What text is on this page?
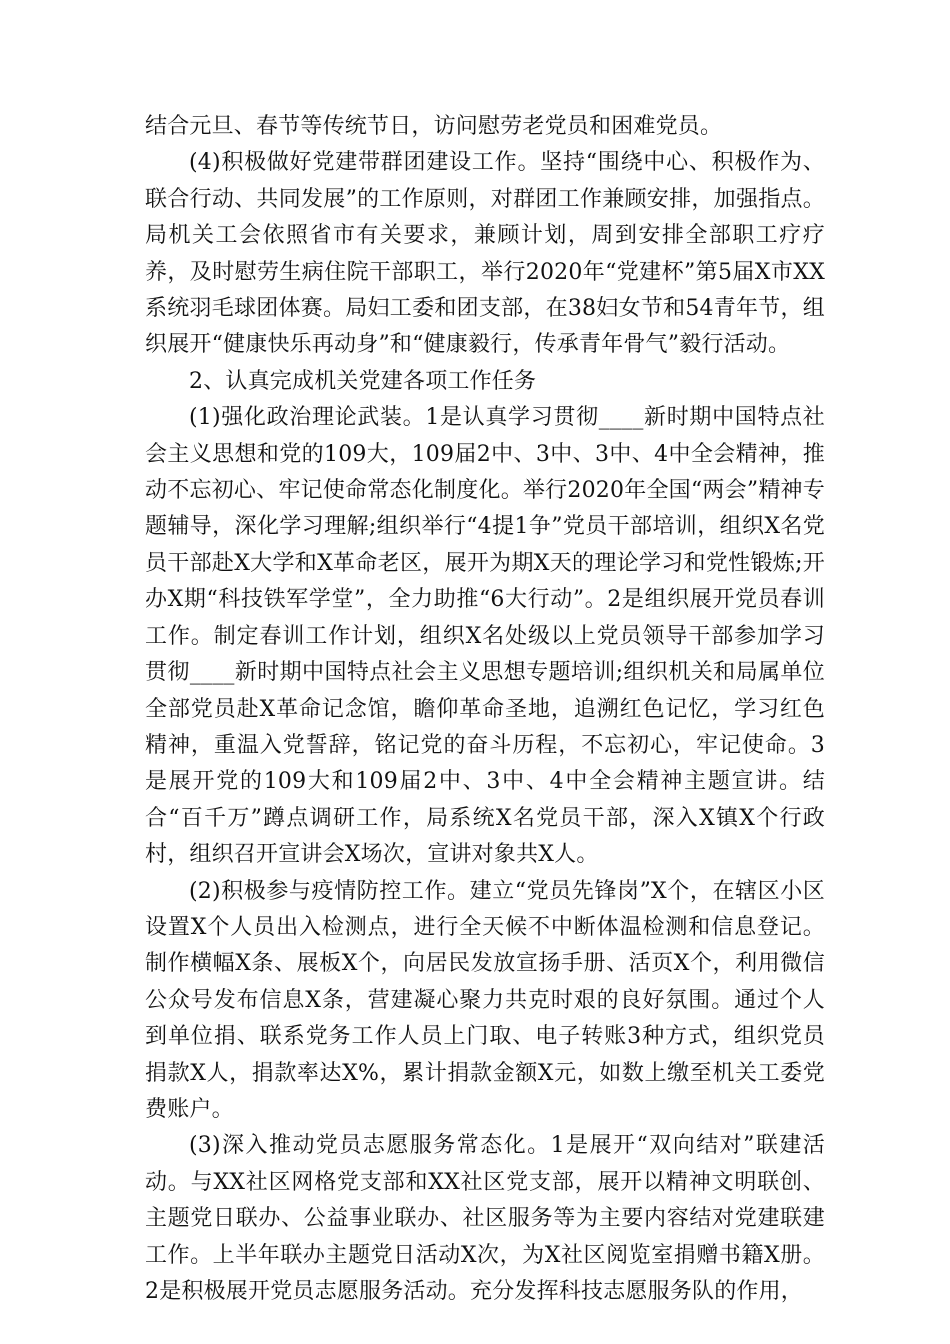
结合元旦、春节等传统节日，访问慰劳老党员和困难党员。

(4)积极做好党建带群团建设工作。坚持“围绕中心、积极作为、联合行动、共同发展”的工作原则，对群团工作兼顾安排，加强指点。局机关工会依照省市有关要求，兼顾计划，周到安排全部职工疗疗养，及时慰劳生病住院干部职工，举行2020年“党建杯”第5届X市XX系统羽毛球团体赛。局妇工委和团支部，在38妇女节和54青年节，组织展开“健康快乐再动身”和“健康毅行，传承青年骨气”毅行活动。

2、认真完成机关党建各项工作任务

(1)强化政治理论武装。1是认真学习贯彻____新时期中国特点社会主义思想和党的109大，109届2中、3中、3中、4中全会精神，推动不忘初心、牢记使命常态化制度化。举行2020年全国“两会”精神专题辅导，深化学习理解;组织举行“4提1争”党员干部培训，组织X名党员干部赴X大学和X革命老区，展开为期X天的理论学习和党性锻炼;开办X期“科技铁军学堂”，全力助推“6大行动”。2是组织展开党员春训工作。制定春训工作计划，组织X名处级以上党员领导干部参加学习贯彻____新时期中国特点社会主义思想专题培训;组织机关和局属单位全部党员赴X革命记念馆，瞻仰革命圣地，追溯红色记忆，学习红色精神，重温入党誓辞，铭记党的奋斗历程，不忘初心，牢记使命。3是展开党的109大和109届2中、3中、4中全会精神主题宣讲。结合“百千万”蹲点调研工作，局系统X名党员干部，深入X镇X个行政村，组织召开宣讲会X场次，宣讲对象共X人。

(2)积极参与疫情防控工作。建立“党员先锋岗”X个，在辖区小区设置X个人员出入检测点，进行全天候不中断体温检测和信息登记。制作横幅X条、展板X个，向居民发放宣扬手册、活页X个，利用微信公众号发布信息X条，营建凝心聚力共克时艰的良好氛围。通过个人到单位捐、联系党务工作人员上门取、电子转账3种方式，组织党员捐款X人，捐款率达X%，累计捐款金额X元，如数上缴至机关工委党费账户。

(3)深入推动党员志愿服务常态化。1是展开“双向结对”联建活动。与XX社区网格党支部和XX社区党支部，展开以精神文明联创、主题党日联办、公益事业联办、社区服务等为主要内容结对党建联建工作。上半年联办主题党日活动X次，为X社区阅览室捐赠书籍X册。2是积极展开党员志愿服务活动。充分发挥科技志愿服务队的作用，
